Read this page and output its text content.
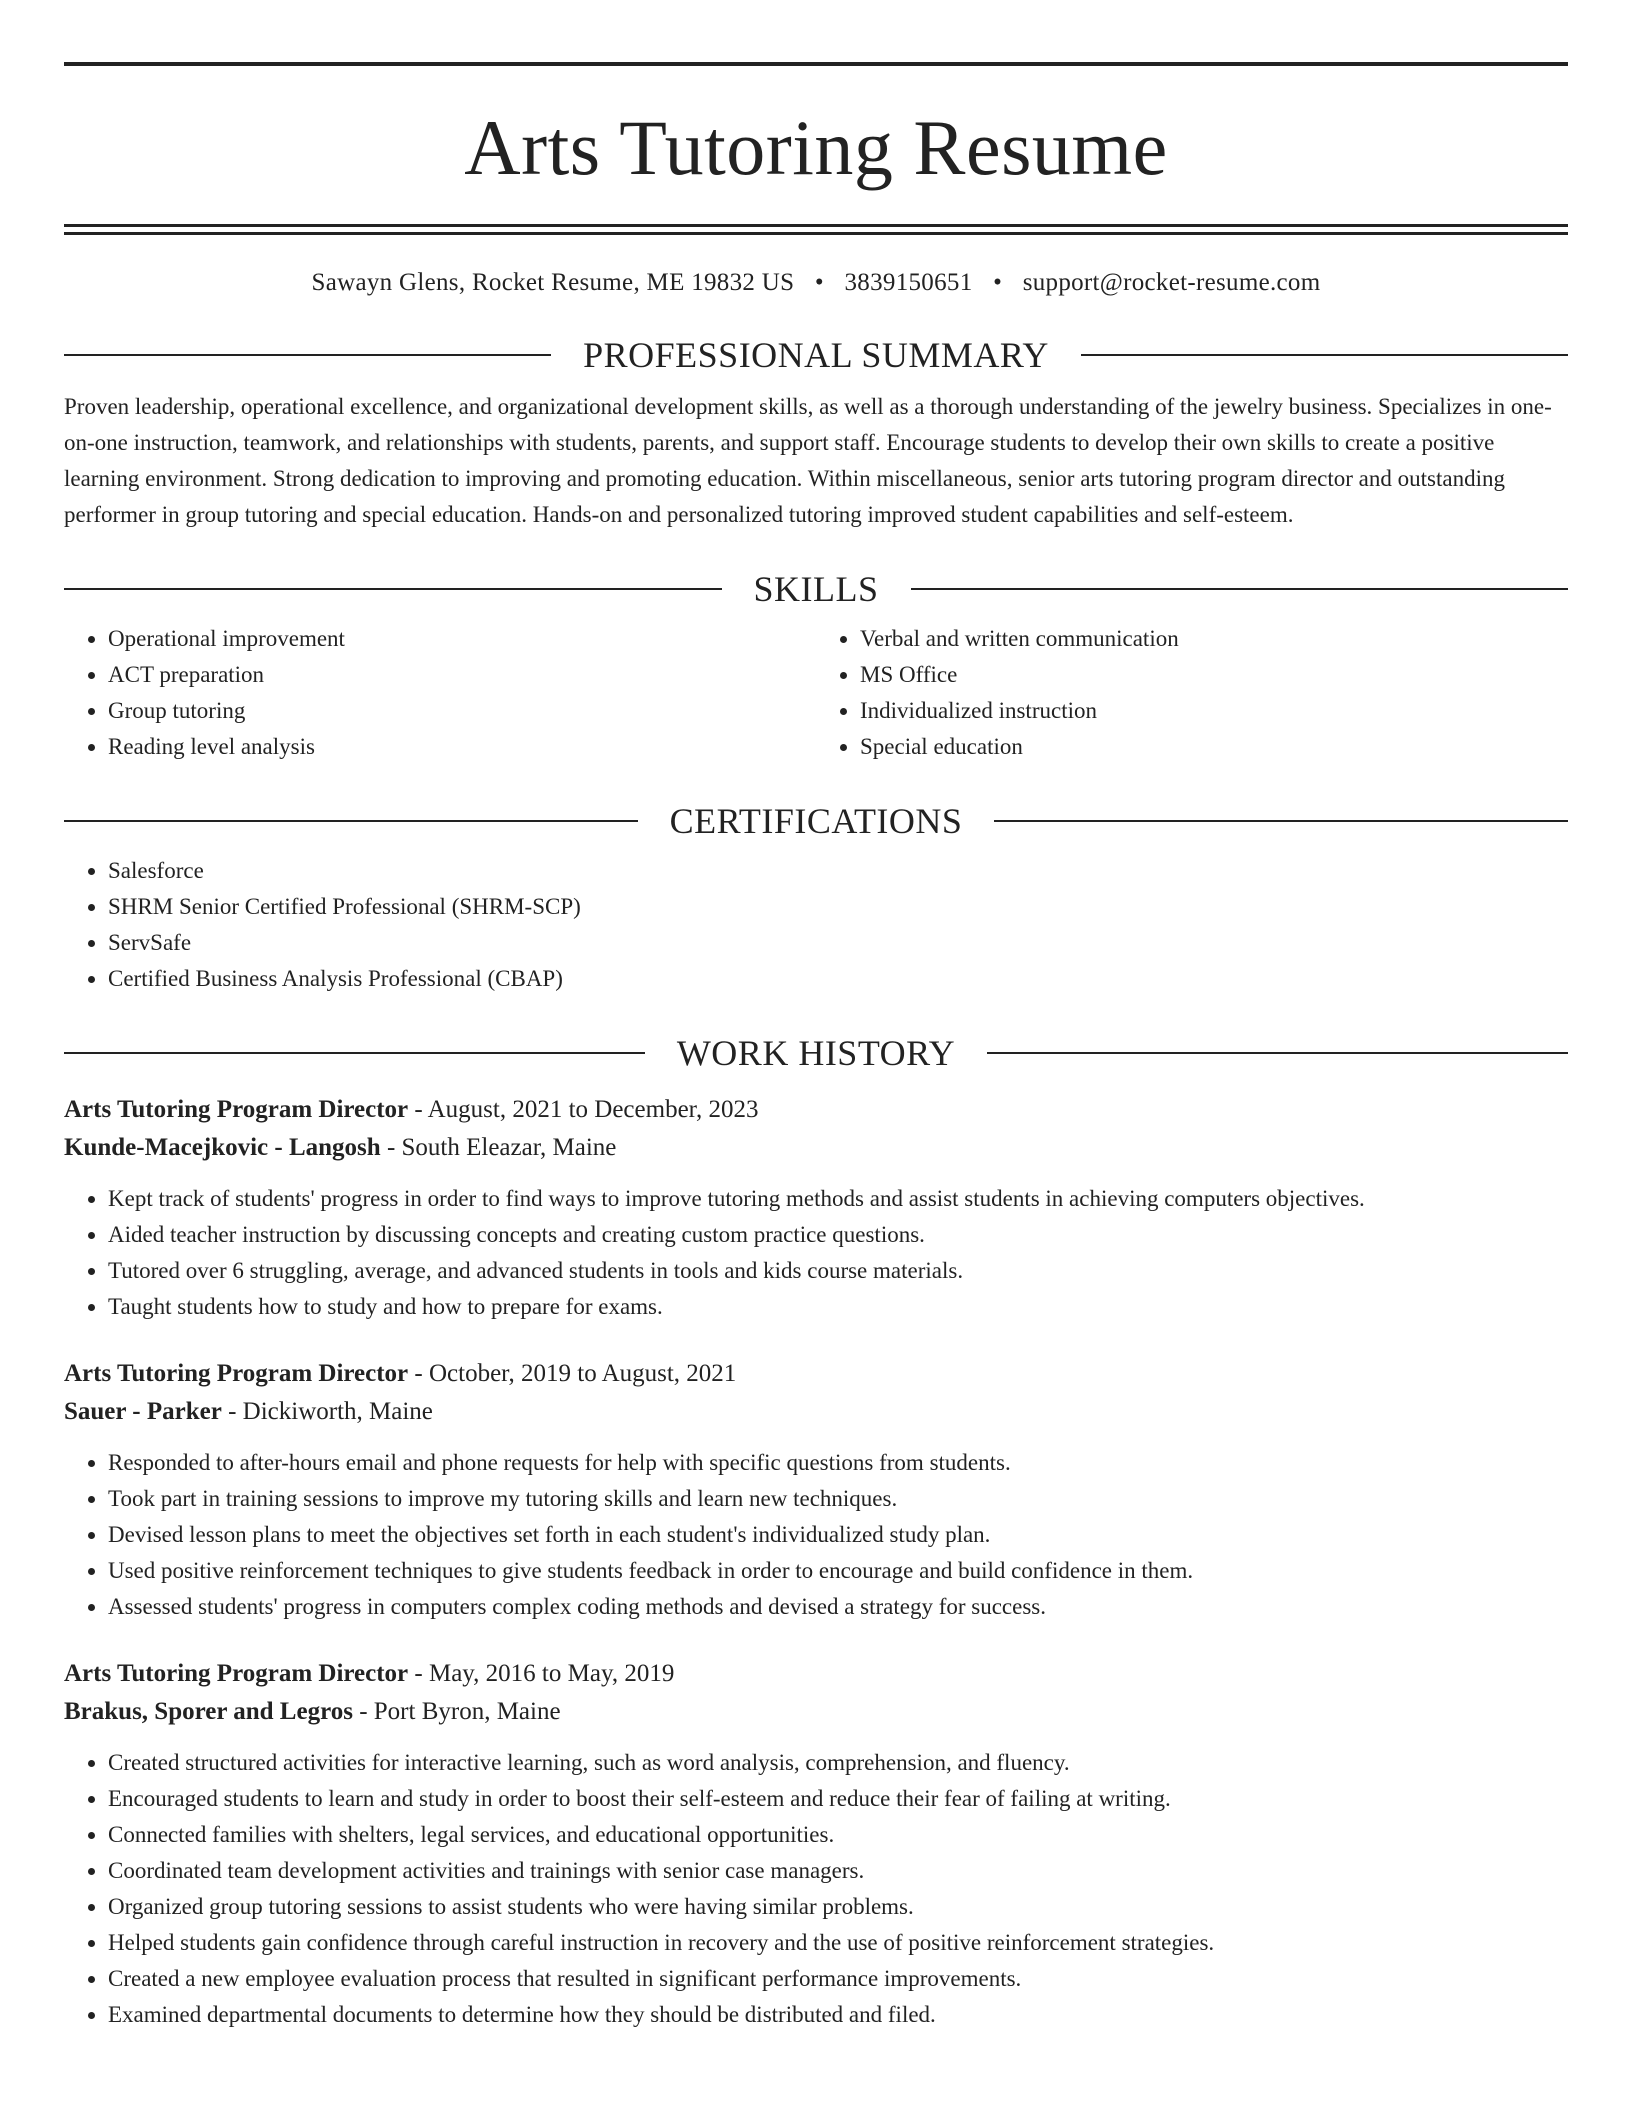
Arts Tutoring Resume
Sawayn Glens, Rocket Resume, ME 19832 US • 3839150651 • support@rocket-resume.com
PROFESSIONAL SUMMARY
Proven leadership, operational excellence, and organizational development skills, as well as a thorough understanding of the jewelry business. Specializes in one-on-one instruction, teamwork, and relationships with students, parents, and support staff. Encourage students to develop their own skills to create a positive learning environment. Strong dedication to improving and promoting education. Within miscellaneous, senior arts tutoring program director and outstanding performer in group tutoring and special education. Hands-on and personalized tutoring improved student capabilities and self-esteem.
SKILLS
• Operational improvement
• ACT preparation
• Group tutoring
• Reading level analysis
• Verbal and written communication
• MS Office
• Individualized instruction
• Special education
CERTIFICATIONS
• Salesforce
• SHRM Senior Certified Professional (SHRM-SCP)
• ServSafe
• Certified Business Analysis Professional (CBAP)
WORK HISTORY
Arts Tutoring Program Director - August, 2021 to December, 2023
Kunde-Macejkovic - Langosh - South Eleazar, Maine
• Kept track of students' progress in order to find ways to improve tutoring methods and assist students in achieving computers objectives.
• Aided teacher instruction by discussing concepts and creating custom practice questions.
• Tutored over 6 struggling, average, and advanced students in tools and kids course materials.
• Taught students how to study and how to prepare for exams.
Arts Tutoring Program Director - October, 2019 to August, 2021
Sauer - Parker - Dickiworth, Maine
• Responded to after-hours email and phone requests for help with specific questions from students.
• Took part in training sessions to improve my tutoring skills and learn new techniques.
• Devised lesson plans to meet the objectives set forth in each student's individualized study plan.
• Used positive reinforcement techniques to give students feedback in order to encourage and build confidence in them.
• Assessed students' progress in computers complex coding methods and devised a strategy for success.
Arts Tutoring Program Director - May, 2016 to May, 2019
Brakus, Sporer and Legros - Port Byron, Maine
• Created structured activities for interactive learning, such as word analysis, comprehension, and fluency.
• Encouraged students to learn and study in order to boost their self-esteem and reduce their fear of failing at writing.
• Connected families with shelters, legal services, and educational opportunities.
• Coordinated team development activities and trainings with senior case managers.
• Organized group tutoring sessions to assist students who were having similar problems.
• Helped students gain confidence through careful instruction in recovery and the use of positive reinforcement strategies.
• Created a new employee evaluation process that resulted in significant performance improvements.
• Examined departmental documents to determine how they should be distributed and filed.
